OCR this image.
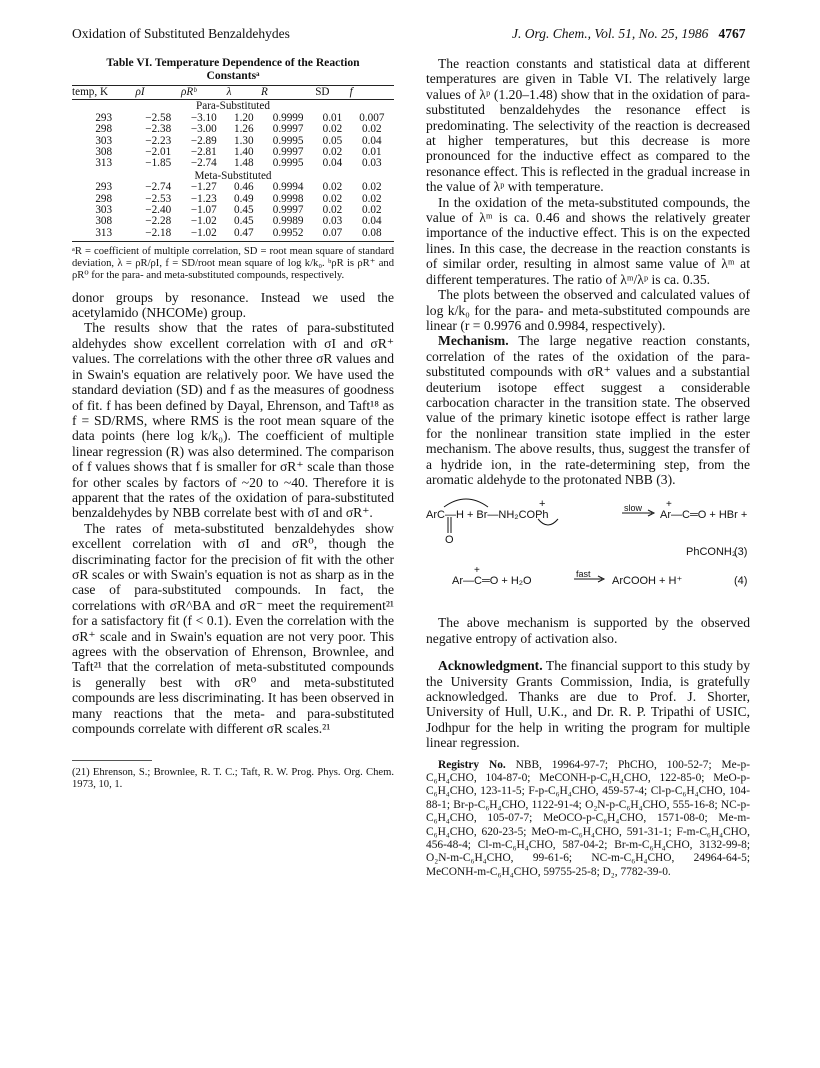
Oxidation of Substituted Benzaldehydes	J. Org. Chem., Vol. 51, No. 25, 1986 4767
Table VI. Temperature Dependence of the Reaction Constantsᵃ
temp, K	ρI	ρRᵇ	λ	R	SD	f
Para-Substituted						
293	−2.58	−3.10	1.20	0.9999	0.01	0.007
298	−2.38	−3.00	1.26	0.9997	0.02	0.02
303	−2.23	−2.89	1.30	0.9995	0.05	0.04
308	−2.01	−2.81	1.40	0.9997	0.02	0.01
313	−1.85	−2.74	1.48	0.9995	0.04	0.03
Meta-Substituted						
293	−2.74	−1.27	0.46	0.9994	0.02	0.02
298	−2.53	−1.23	0.49	0.9998	0.02	0.02
303	−2.40	−1.07	0.45	0.9997	0.02	0.02
308	−2.28	−1.02	0.45	0.9989	0.03	0.04
313	−2.18	−1.02	0.47	0.9952	0.07	0.08
ᵃR = coefficient of multiple correlation, SD = root mean square of standard deviation, λ = ρR/ρI, f = SD/root mean square of log k/k₀. ᵇρR is ρR⁺ and ρR⁰ for the para- and meta-substituted compounds, respectively.

donor groups by resonance. Instead we used the acetylamido (NHCOMe) group.

The results show that the rates of para-substituted aldehydes show excellent correlation with σI and σR⁺ values. The correlations with the other three σR values and in Swain's equation are relatively poor. We have used the standard deviation (SD) and f as the measures of goodness of fit. f has been defined by Dayal, Ehrenson, and Taft¹⁸ as f = SD/RMS, where RMS is the root mean square of the data points (here log k/k₀). The coefficient of multiple linear regression (R) was also determined. The comparison of f values shows that f is smaller for σR⁺ scale than those for other scales by factors of ~20 to ~40. Therefore it is apparent that the rates of the oxidation of para-substituted benzaldehydes by NBB correlate best with σI and σR⁺.

The rates of meta-substituted benzaldehydes show excellent correlation with σI and σR⁰, though the discriminating factor for the precision of fit with the other σR scales or with Swain's equation is not as sharp as in the case of para-substituted compounds. In fact, the correlations with σR^BA and σR⁻ meet the requirement²¹ for a satisfactory fit (f < 0.1). Even the correlation with the σR⁺ scale and in Swain's equation are not very poor. This agrees with the observation of Ehrenson, Brownlee, and Taft²¹ that the correlation of meta-substituted compounds is generally best with σR⁰ and meta-substituted compounds are less discriminating. It has been observed in many reactions that the meta- and para-substituted compounds correlate with different σR scales.²¹

(21) Ehrenson, S.; Brownlee, R. T. C.; Taft, R. W. Prog. Phys. Org. Chem. 1973, 10, 1.

The reaction constants and statistical data at different temperatures are given in Table VI. The relatively large values of λᵖ (1.20–1.48) show that in the oxidation of para-substituted benzaldehydes the resonance effect is predominating. The selectivity of the reaction is decreased at higher temperatures, but this decrease is more pronounced for the inductive effect as compared to the resonance effect. This is reflected in the gradual increase in the value of λᵖ with temperature.

In the oxidation of the meta-substituted compounds, the value of λᵐ is ca. 0.46 and shows the relatively greater importance of the inductive effect. This is on the expected lines. In this case, the decrease in the reaction constants is of similar order, resulting in almost same value of λᵐ at different temperatures. The ratio of λᵐ/λᵖ is ca. 0.35.

The plots between the observed and calculated values of log k/k₀ for the para- and meta-substituted compounds are linear (r = 0.9976 and 0.9984, respectively).

Mechanism. The large negative reaction constants, correlation of the rates of the oxidation of the para-substituted compounds with σR⁺ values and a substantial deuterium isotope effect suggest a considerable carbocation character in the transition state. The observed value of the primary kinetic isotope effect is rather large for the nonlinear transition state implied in the ester mechanism. The above results, thus, suggest the transfer of a hydride ion, in the rate-determining step, from the aromatic aldehyde to the protonated NBB (3).

ArC—H + Br—NH₂COPh
+
O
slow +
Ar—C═O + HBr +
PhCONH₂
(3)
+
Ar—C═O + H₂O
fast
ArCOOH + H⁺	(4)

The above mechanism is supported by the observed negative entropy of activation also.

Acknowledgment. The financial support to this study by the University Grants Commission, India, is gratefully acknowledged. Thanks are due to Prof. J. Shorter, University of Hull, U.K., and Dr. R. P. Tripathi of USIC, Jodhpur for the help in writing the program for multiple linear regression.

Registry No. NBB, 19964-97-7; PhCHO, 100-52-7; Me-p-C₆H₄CHO, 104-87-0; MeCONH-p-C₆H₄CHO, 122-85-0; MeO-p-C₆H₄CHO, 123-11-5; F-p-C₆H₄CHO, 459-57-4; Cl-p-C₆H₄CHO, 104-88-1; Br-p-C₆H₄CHO, 1122-91-4; O₂N-p-C₆H₄CHO, 555-16-8; NC-p-C₆H₄CHO, 105-07-7; MeOCO-p-C₆H₄CHO, 1571-08-0; Me-m-C₆H₄CHO, 620-23-5; MeO-m-C₆H₄CHO, 591-31-1; F-m-C₆H₄CHO, 456-48-4; Cl-m-C₆H₄CHO, 587-04-2; Br-m-C₆H₄CHO, 3132-99-8; O₂N-m-C₆H₄CHO, 99-61-6; NC-m-C₆H₄CHO, 24964-64-5; MeCONH-m-C₆H₄CHO, 59755-25-8; D₂, 7782-39-0.
